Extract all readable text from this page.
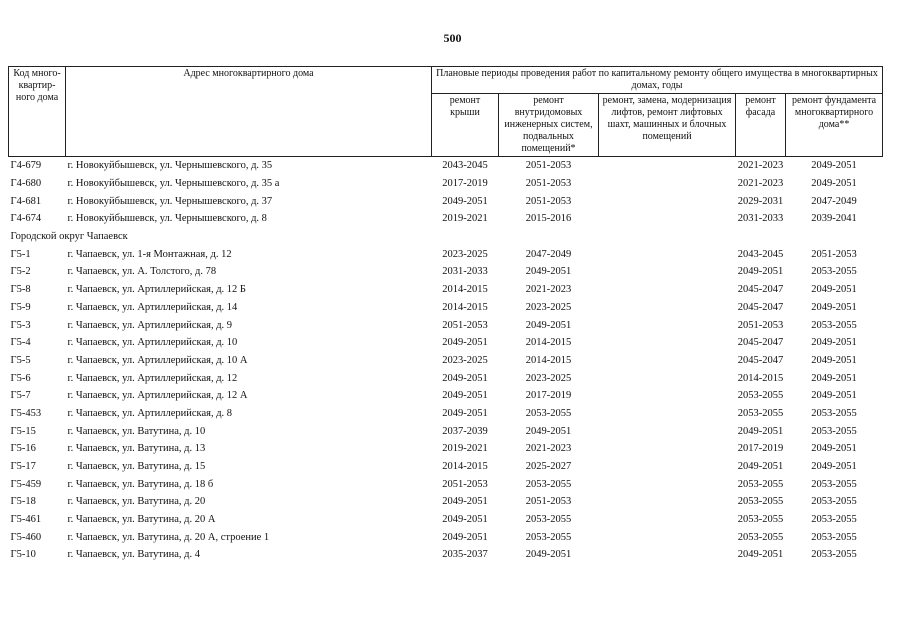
500
Код много-квартир-ного дома	Адрес многоквартирного дома	Плановые периоды проведения работ по капитальному ремонту общего имущества в многоквартирных домах, годы				
		ремонт крыши	ремонт внутридомовых инженерных систем, подвальных помещений*	ремонт, замена, модернизация лифтов, ремонт лифтовых шахт, машинных и блочных помещений	ремонт фасада	ремонт фундамента многоквартирного дома**
Г4-679	г. Новокуйбышевск, ул. Чернышевского, д. 35	2043-2045	2051-2053		2021-2023	2049-2051
Г4-680	г. Новокуйбышевск, ул. Чернышевского, д. 35 а	2017-2019	2051-2053		2021-2023	2049-2051
Г4-681	г. Новокуйбышевск, ул. Чернышевского, д. 37	2049-2051	2051-2053		2029-2031	2047-2049
Г4-674	г. Новокуйбышевск, ул. Чернышевского, д. 8	2019-2021	2015-2016		2031-2033	2039-2041
Городской округ Чапаевск						
Г5-1	г. Чапаевск, ул. 1-я Монтажная, д. 12	2023-2025	2047-2049		2043-2045	2051-2053
Г5-2	г. Чапаевск, ул. А. Толстого, д. 78	2031-2033	2049-2051		2049-2051	2053-2055
Г5-8	г. Чапаевск, ул. Артиллерийская, д. 12 Б	2014-2015	2021-2023		2045-2047	2049-2051
Г5-9	г. Чапаевск, ул. Артиллерийская, д. 14	2014-2015	2023-2025		2045-2047	2049-2051
Г5-3	г. Чапаевск, ул. Артиллерийская, д. 9	2051-2053	2049-2051		2051-2053	2053-2055
Г5-4	г. Чапаевск, ул. Артиллерийская, д. 10	2049-2051	2014-2015		2045-2047	2049-2051
Г5-5	г. Чапаевск, ул. Артиллерийская, д. 10 А	2023-2025	2014-2015		2045-2047	2049-2051
Г5-6	г. Чапаевск, ул. Артиллерийская, д. 12	2049-2051	2023-2025		2014-2015	2049-2051
Г5-7	г. Чапаевск, ул. Артиллерийская, д. 12 А	2049-2051	2017-2019		2053-2055	2049-2051
Г5-453	г. Чапаевск, ул. Артиллерийская, д. 8	2049-2051	2053-2055		2053-2055	2053-2055
Г5-15	г. Чапаевск, ул. Ватутина, д. 10	2037-2039	2049-2051		2049-2051	2053-2055
Г5-16	г. Чапаевск, ул. Ватутина, д. 13	2019-2021	2021-2023		2017-2019	2049-2051
Г5-17	г. Чапаевск, ул. Ватутина, д. 15	2014-2015	2025-2027		2049-2051	2049-2051
Г5-459	г. Чапаевск, ул. Ватутина, д. 18 б	2051-2053	2053-2055		2053-2055	2053-2055
Г5-18	г. Чапаевск, ул. Ватутина, д. 20	2049-2051	2051-2053		2053-2055	2053-2055
Г5-461	г. Чапаевск, ул. Ватутина, д. 20 А	2049-2051	2053-2055		2053-2055	2053-2055
Г5-460	г. Чапаевск, ул. Ватутина, д. 20 А, строение 1	2049-2051	2053-2055		2053-2055	2053-2055
Г5-10	г. Чапаевск, ул. Ватутина, д. 4	2035-2037	2049-2051		2049-2051	2053-2055
